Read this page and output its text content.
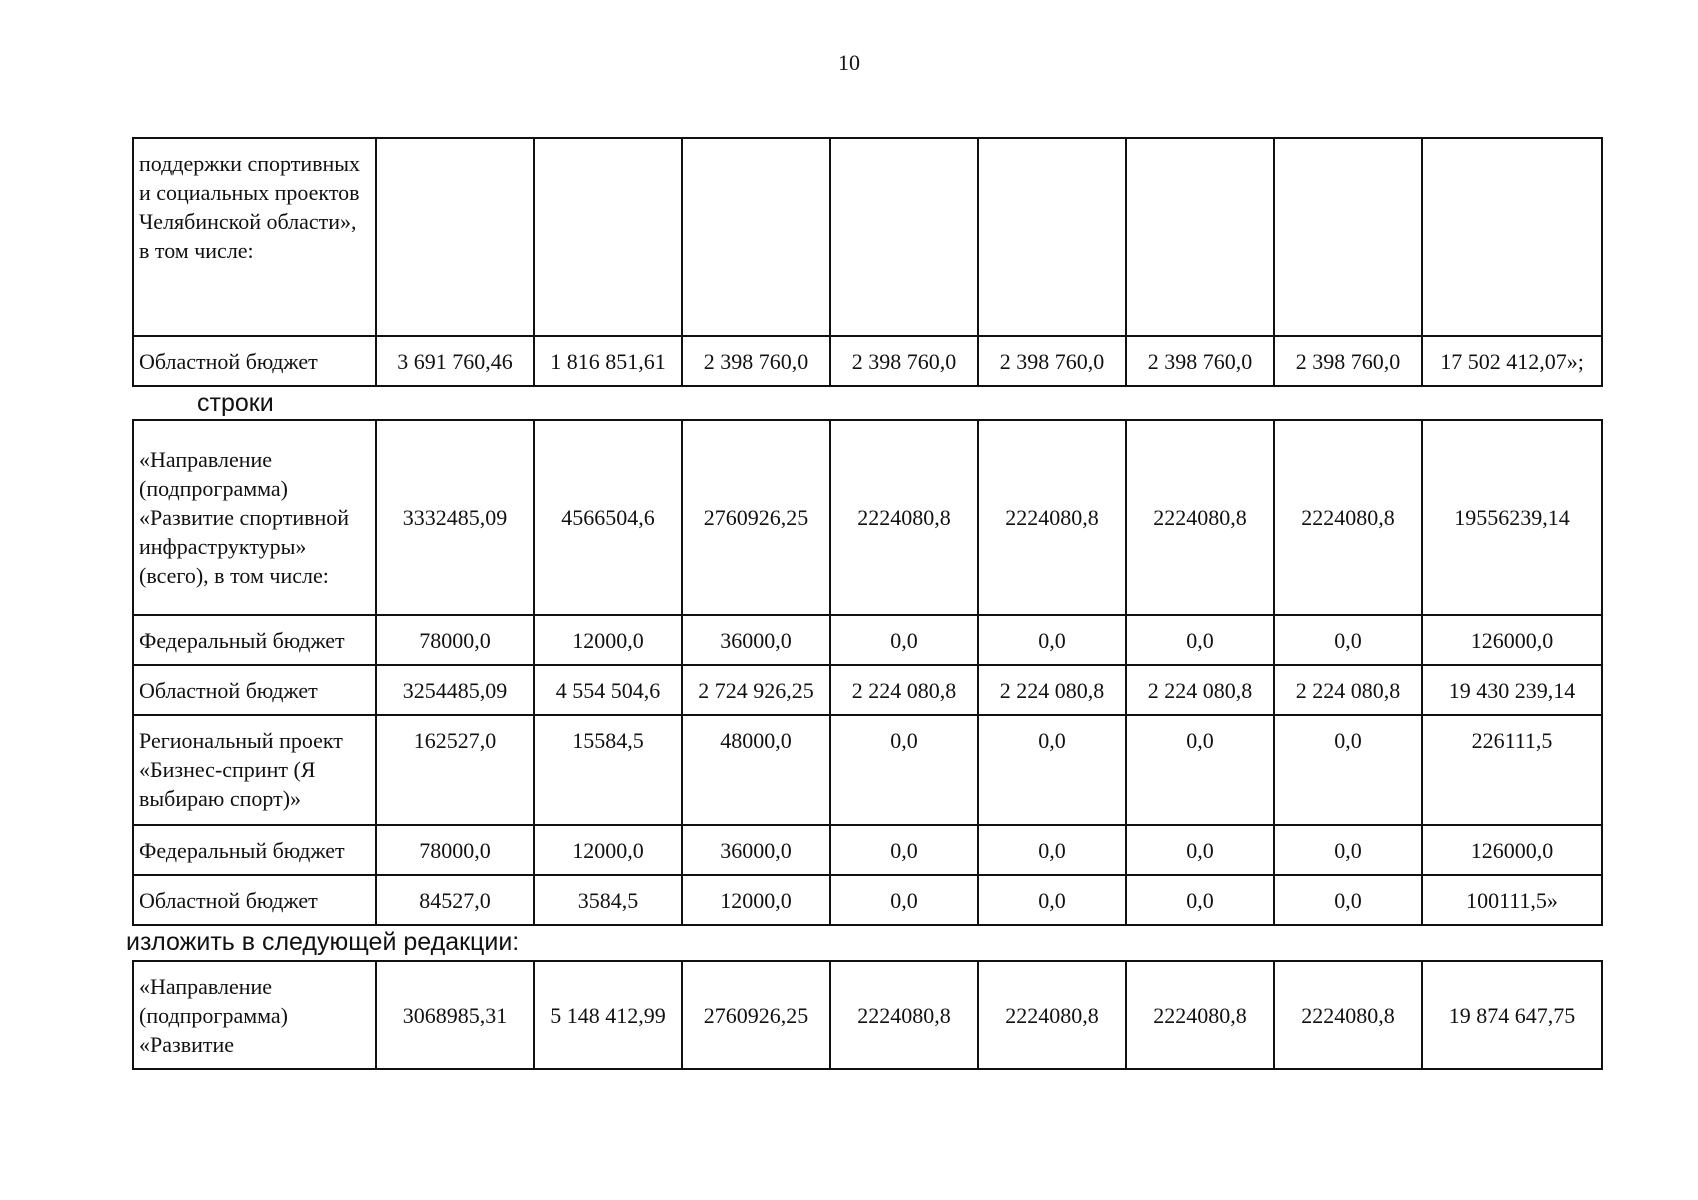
10
поддержки спортивных и социальных проектов Челябинской области», в том числе:								
Областной бюджет	3 691 760,46	1 816 851,61	2 398 760,0	2 398 760,0	2 398 760,0	2 398 760,0	2 398 760,0	17 502 412,07»;
строки
«Направление (подпрограмма) «Развитие спортивной инфраструктуры» (всего), в том числе:	3332485,09	4566504,6	2760926,25	2224080,8	2224080,8	2224080,8	2224080,8	19556239,14
Федеральный бюджет	78000,0	12000,0	36000,0	0,0	0,0	0,0	0,0	126000,0
Областной бюджет	3254485,09	4 554 504,6	2 724 926,25	2 224 080,8	2 224 080,8	2 224 080,8	2 224 080,8	19 430 239,14
Региональный проект «Бизнес-спринт (Я выбираю спорт)»	162527,0	15584,5	48000,0	0,0	0,0	0,0	0,0	226111,5
Федеральный бюджет	78000,0	12000,0	36000,0	0,0	0,0	0,0	0,0	126000,0
Областной бюджет	84527,0	3584,5	12000,0	0,0	0,0	0,0	0,0	100111,5»
изложить в следующей редакции:
«Направление (подпрограмма) «Развитие	3068985,31	5 148 412,99	2760926,25	2224080,8	2224080,8	2224080,8	2224080,8	19 874 647,75
